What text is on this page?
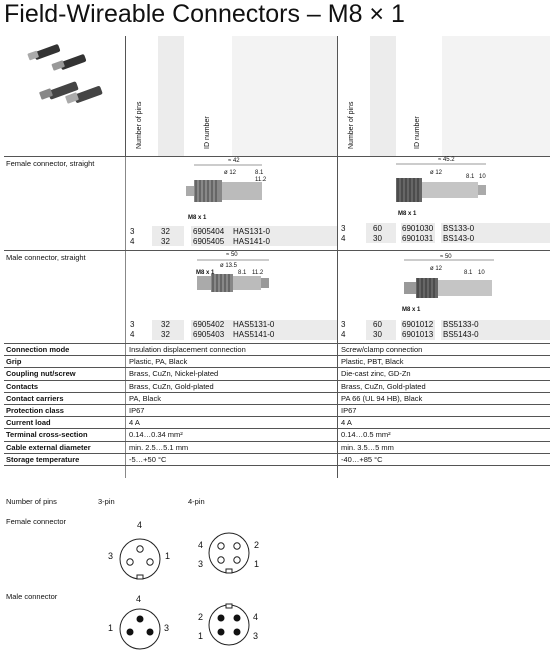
Field-Wireable Connectors – M8 × 1
Number of pins	ID number	Number of pins	ID number
Female connector, straight	≈ 42
ø 12	8.1
11.2
M8 x 1
≈ 45.2
ø 12
8.1 10
M8 x 1
3	32	6905404 HAS131-0
4	32	6905405 HAS141-0
3	60	6901030 BS133-0
4	30	6901031 BS143-0
Male connector, straight	≈ 50
ø 13.5
8.1 11.2
M8 x 1
≈ 50
ø 12
8.1 10
M8 x 1
3	32	6905402 HAS5131-0
4	32	6905403 HAS5141-0
3	60	6901012 BS5133-0
4	30	6901013 BS5143-0
Connection mode	Insulation displacement connection	Screw/clamp connection
Grip	Plastic, PA, Black	Plastic, PBT, Black
Coupling nut/screw	Brass, CuZn, Nickel-plated	Die-cast zinc, GD-Zn
Contacts	Brass, CuZn, Gold-plated	Brass, CuZn, Gold-plated
Contact carriers	PA, Black	PA 66 (UL 94 HB), Black
Protection class	IP67	IP67
Current load	4 A	4 A
Terminal cross-section	0.14…0.34 mm²	0.14…0.5 mm²
Cable external diameter	min. 2.5…5.1 mm	min. 3.5…5 mm
Storage temperature	-5…+50 °C	-40…+85 °C
Number of pins	3-pin	4-pin
Female connector
Male connector
4
3	1
4	2
3	1
4
1	3
2	4
1	3
